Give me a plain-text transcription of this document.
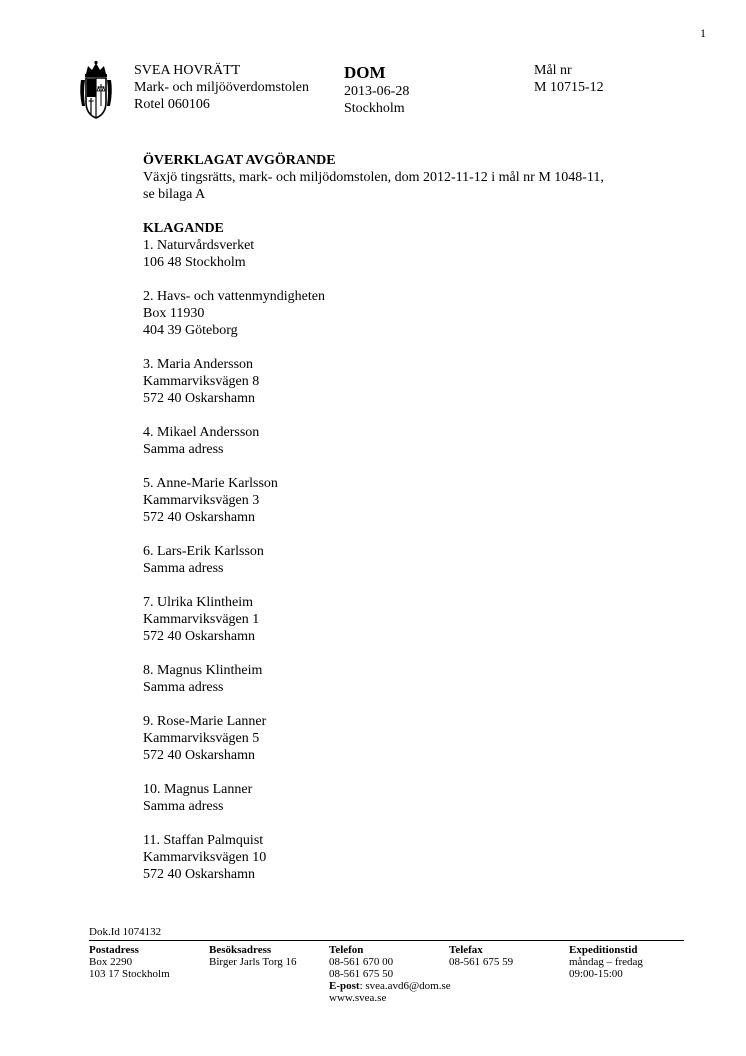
1
SVEA HOVRÄTT
Mark- och miljööverdomstolen
Rotel 060106
DOM
2013-06-28
Stockholm
Mål nr
M 10715-12
ÖVERKLAGAT AVGÖRANDE
Växjö tingsrätts, mark- och miljödomstolen, dom 2012-11-12 i mål nr M 1048-11,
se bilaga A
KLAGANDE
1. Naturvårdsverket
106 48 Stockholm
2. Havs- och vattenmyndigheten
Box 11930
404 39 Göteborg
3. Maria Andersson
Kammarviksvägen 8
572 40 Oskarshamn
4. Mikael Andersson
Samma adress
5. Anne-Marie Karlsson
Kammarviksvägen 3
572 40 Oskarshamn
6. Lars-Erik Karlsson
Samma adress
7. Ulrika Klintheim
Kammarviksvägen 1
572 40 Oskarshamn
8. Magnus Klintheim
Samma adress
9. Rose-Marie Lanner
Kammarviksvägen 5
572 40 Oskarshamn
10. Magnus Lanner
Samma adress
11. Staffan Palmquist
Kammarviksvägen 10
572 40 Oskarshamn
Dok.Id 1074132
Postadress
Box 2290
103 17 Stockholm
Besöksadress
Birger Jarls Torg 16
Telefon
08-561 670 00
08-561 675 50
E-post: svea.avd6@dom.se
www.svea.se
Telefax
08-561 675 59
Expeditionstid
måndag – fredag
09:00-15:00
